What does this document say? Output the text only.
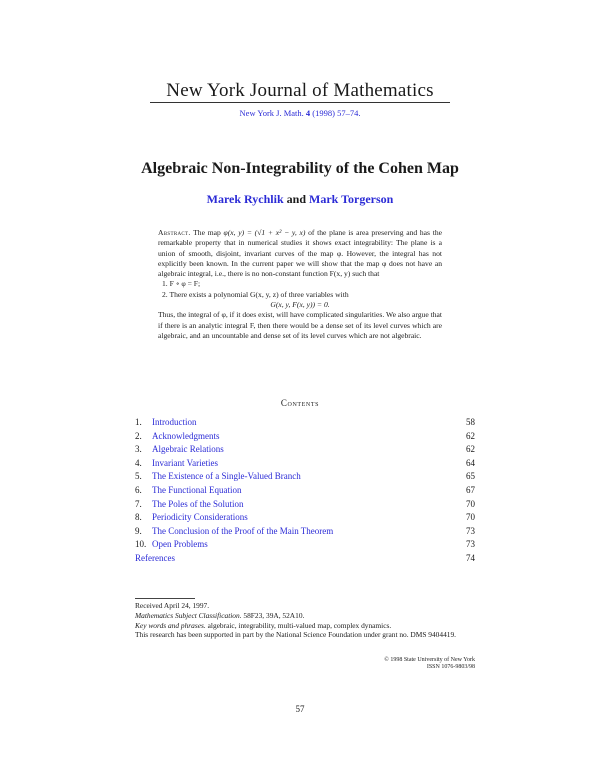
New York Journal of Mathematics
New York J. Math. 4 (1998) 57–74.
Algebraic Non-Integrability of the Cohen Map
Marek Rychlik and Mark Torgerson

Abstract. The map φ(x, y) = (√1 + x² − y, x) of the plane is area preserving and has the remarkable property that in numerical studies it shows exact integrability: The plane is a union of smooth, disjoint, invariant curves of the map φ. However, the integral has not explicitly been known. In the current paper we will show that the map φ does not have an algebraic integral, i.e., there is no non-constant function F(x, y) such that

1. F ∘ φ = F;

2. There exists a polynomial G(x, y, z) of three variables with

G(x, y, F(x, y)) = 0.

Thus, the integral of φ, if it does exist, will have complicated singularities. We also argue that if there is an analytic integral F, then there would be a dense set of its level curves which are algebraic, and an uncountable and dense set of its level curves which are not algebraic.

Contents
1. Introduction	58
2. Acknowledgments	62
3. Algebraic Relations	62
4. Invariant Varieties	64
5. The Existence of a Single-Valued Branch	65
6. The Functional Equation	67
7. The Poles of the Solution	70
8. Periodicity Considerations	70
9. The Conclusion of the Proof of the Main Theorem	73
10. Open Problems	73
References	74

Received April 24, 1997.

Mathematics Subject Classification. 58F23, 39A, 52A10.

Key words and phrases. algebraic, integrability, multi-valued map, complex dynamics.

This research has been supported in part by the National Science Foundation under grant no. DMS 9404419.

© 1998 State University of New York
ISSN 1076-9803/98
57
